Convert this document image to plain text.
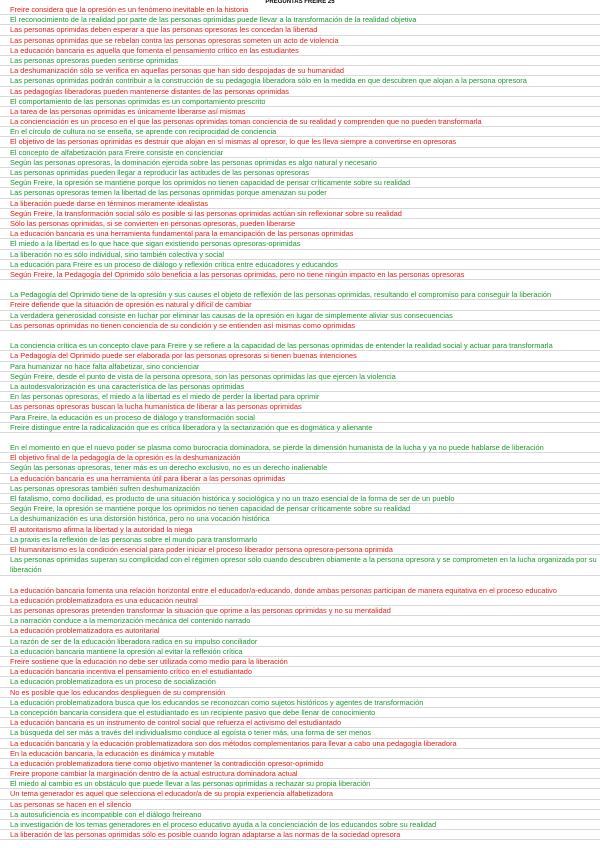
PREGUNTAS FREIRE 25
Freire considera que la opresión es un fenómeno inevitable en la historia
El reconocimiento de la realidad por parte de las personas oprimidas puede llevar a la transformación de la realidad objetiva
Las personas oprimidas deben esperar a que las personas opresoras les concedan la libertad
Las personas oprimidas que se rebelan contra las personas opresoras someten un acto de violencia
La educación bancaria es aquella que fomenta el pensamiento crítico en las estudiantes
Las personas opresoras pueden sentirse oprimidas
La deshumanización sólo se verifica en aquellas personas que han sido despojadas de su humanidad
Las personas oprimidas podrán contribuir a la construcción de su pedagogía liberadora sólo en la medida en que descubren que alojan a la persona opresora
Las pedagogías liberadoras pueden mantenerse distantes de las personas oprimidas
El comportamiento de las personas oprimidas es un comportamiento prescrito
La tarea de las personas oprimidas es únicamente liberarse así mismas
La concienciación es un proceso en el que las personas oprimidas toman conciencia de su realidad y comprenden que no pueden transformarla
En el círculo de cultura no se enseña, se aprende con reciprocidad de conciencia
El objetivo de las personas oprimidas es destruir que alojan en sí mismas al opresor, lo que les lleva siempre a convertirse en opresoras
El concepto de alfabetización para Freire consiste en concienciar
Según las personas opresoras, la dominación ejercida sobre las personas oprimidas es algo natural y necesario
Las personas oprimidas pueden llegar a reproducir las actitudes de las personas opresoras
Según Freire, la opresión se mantiene porque los oprimidos no tienen capacidad de pensar críticamente sobre su realidad
Las personas opresoras temen la libertad de las personas oprimidas porque amenazan su poder
La liberación puede darse en términos meramente idealistas
Según Freire, la transformación social sólo es posible si las personas oprimidas actúan sin reflexionar sobre su realidad
Sólo las personas oprimidas, si se convierten en personas opresoras, pueden liberarse
La educación bancaria es una herramienta fundamental para la emancipación de las personas oprimidas
El miedo a la libertad es lo que hace que sigan existiendo personas opresoras-oprimidas
La liberación no es sólo individual, sino también colectiva y social
La educación para Freire es un proceso de diálogo y reflexión crítica entre educadores y educandos
Según Freire, la Pedagogía del Oprimido sólo beneficia a las personas oprimidas, pero no tiene ningún impacto en las personas opresoras
La Pedagogía del Oprimido tiene de la opresión y sus causes el objeto de reflexión de las personas oprimidas, resultando el compromiso para conseguir la liberación
Freire defiende que la situación de opresión es natural y difícil de cambiar
La verdadera generosidad consiste en luchar por eliminar las causas de la opresión en lugar de simplemente aliviar sus consecuencias
Las personas oprimidas no tienen conciencia de su condición y se entienden así mismas como oprimidas
La conciencia crítica es un concepto clave para Freire y se refiere a la capacidad de las personas oprimidas de entender la realidad social y actuar para transformarla
La Pedagogía del Oprimido puede ser elaborada por las personas opresoras si tienen buenas intenciones
Para humanizar no hace falta alfabetizar, sino concienciar
Según Freire, desde el punto de vista de la persona opresora, son las personas oprimidas las que ejercen la violencia
La autodesvalorización es una característica de las personas oprimidas
En las personas opresoras, el miedo a la libertad es el miedo de perder la libertad para oprimir
Las personas opresoras buscan la lucha humanística de liberar a las personas oprimidas
Para Freire, la educación es un proceso de diálogo y transformación social
Freire distingue entre la radicalización que es crítica liberadora y la sectarización que es dogmática y alienante
En el momento en que el nuevo poder se plasma como burocracia dominadora, se pierde la dimensión humanista de la lucha y ya no puede hablarse de liberación
El objetivo final de la pedagogía de la opresión es la deshumanización
Según las personas opresoras, tener más es un derecho exclusivo, no es un derecho inalienable
La educación bancaria es una herramienta útil para liberar a las personas oprimidas
Las personas opresoras también sufren deshumanización
El fatalismo, como docilidad, es producto de una situación histórica y sociológica y no un trazo esencial de la forma de ser de un pueblo
Según Freire, la opresión se mantiene porque los oprimidos no tienen capacidad de pensar críticamente sobre su realidad
La deshumanización es una distorsión histórica, pero no una vocación histórica
El autoritarismo afirma la libertad y la autoridad la niega
La praxis es la reflexión de las personas sobre el mundo para transformarlo
El humanitarismo es la condición esencial para poder iniciar el proceso liberador persona opresora-persona oprimida
Las personas oprimidas superan su complicidad con el régimen opresor sólo cuando descubren obiamente a la persona opresora y se comprometen en la lucha organizada por su liberación
La educación bancaria fomenta una relación horizontal entre el educador/a-educando, donde ambas personas participan de manera equitativa en el proceso educativo
La educación problematizadora es una educación neutral
Las personas opresoras pretenden transformar la situación que oprime a las personas oprimidas y no su mentalidad
La narración conduce a la memorización mecánica del contenido narrado
La educación problematizadora es autoritarial
La razón de ser de la educación liberadora radica en su impulso conciliador
La educación bancaria mantiene la opresión al evitar la reflexión crítica
Freire sostiene que la educación no debe ser utilizada como medio para la liberación
La educación bancaria incentiva el pensamiento crítico en el estudiantado
La educación problematizadora es un proceso de socialización
No es posible que los educandos desplieguen de su comprensión
La educación problematizadora busca que los educandos se reconozcan como sujetos históricos y agentes de transformación
La concepción bancaria considera que el estudiantado es un recipiente pasivo que debe llenar de conocimiento
La educación bancaria es un instrumento de control social que refuerza el activismo del estudiantado
La búsqueda del ser más a través del individualismo conduce al egoísta o tener más, una forma de ser menos
La educación bancaria y la educación problematizadora son dos métodos complementarios para llevar a cabo una pedagogía liberadora
En la educación bancaria, la educación es dinámica y mutable
La educación problematizadora tiene como objetivo mantener la contradicción opresor-oprimido
Freire propone cambiar la marginación dentro de la actual estructura dominadora actual
El miedo al cambio es un obstáculo que puede llevar a las personas oprimidas a rechazar su propia liberación
Un tema generador es aquel que selecciona el educador/a de su propia experiencia alfabetizadora
Las personas se hacen en el silencio
La autosuficiencia es incompatible con el diálogo freireano
La investigación de los temas generadores en el proceso educativo ayuda a la concienciación de los educandos sobre su realidad
La liberación de las personas oprimidas sólo es posible cuando logran adaptarse a las normas de la sociedad opresora
